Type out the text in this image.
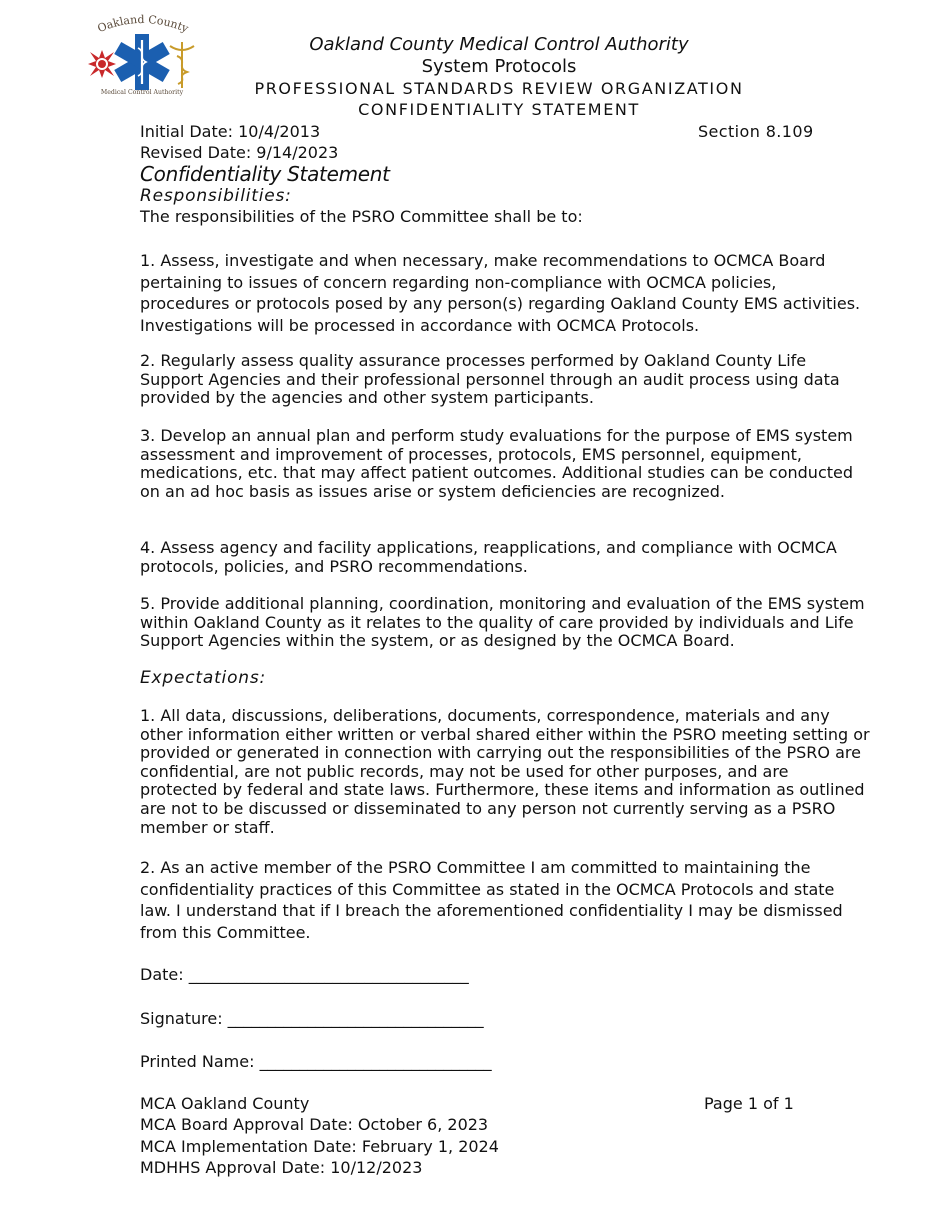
Oakland County
Medical Control Authority
Oakland County Medical Control Authority
System Protocols
PROFESSIONAL STANDARDS REVIEW ORGANIZATION
CONFIDENTIALITY STATEMENT
Initial Date: 10/4/2013	Section 8.109
Revised Date: 9/14/2023
Confidentiality Statement
Responsibilities:
The responsibilities of the PSRO Committee shall be to:
1. Assess, investigate and when necessary, make recommendations to OCMCA Board pertaining to issues of concern regarding non-compliance with OCMCA policies, procedures or protocols posed by any person(s) regarding Oakland County EMS activities. Investigations will be processed in accordance with OCMCA Protocols.
2. Regularly assess quality assurance processes performed by Oakland County Life Support Agencies and their professional personnel through an audit process using data provided by the agencies and other system participants.
3. Develop an annual plan and perform study evaluations for the purpose of EMS system assessment and improvement of processes, protocols, EMS personnel, equipment, medications, etc. that may affect patient outcomes. Additional studies can be conducted on an ad hoc basis as issues arise or system deficiencies are recognized.
4. Assess agency and facility applications, reapplications, and compliance with OCMCA protocols, policies, and PSRO recommendations.
5. Provide additional planning, coordination, monitoring and evaluation of the EMS system within Oakland County as it relates to the quality of care provided by individuals and Life Support Agencies within the system, or as designed by the OCMCA Board.
Expectations:
1. All data, discussions, deliberations, documents, correspondence, materials and any other information either written or verbal shared either within the PSRO meeting setting or provided or generated in connection with carrying out the responsibilities of the PSRO are confidential, are not public records, may not be used for other purposes, and are protected by federal and state laws. Furthermore, these items and information as outlined are not to be discussed or disseminated to any person not currently serving as a PSRO member or staff.
2. As an active member of the PSRO Committee I am committed to maintaining the confidentiality practices of this Committee as stated in the OCMCA Protocols and state law. I understand that if I breach the aforementioned confidentiality I may be dismissed from this Committee.
Date: ___________________________________
Signature: ________________________________
Printed Name: _____________________________
MCA Oakland County	Page 1 of 1
MCA Board Approval Date: October 6, 2023
MCA Implementation Date: February 1, 2024
MDHHS Approval Date: 10/12/2023
